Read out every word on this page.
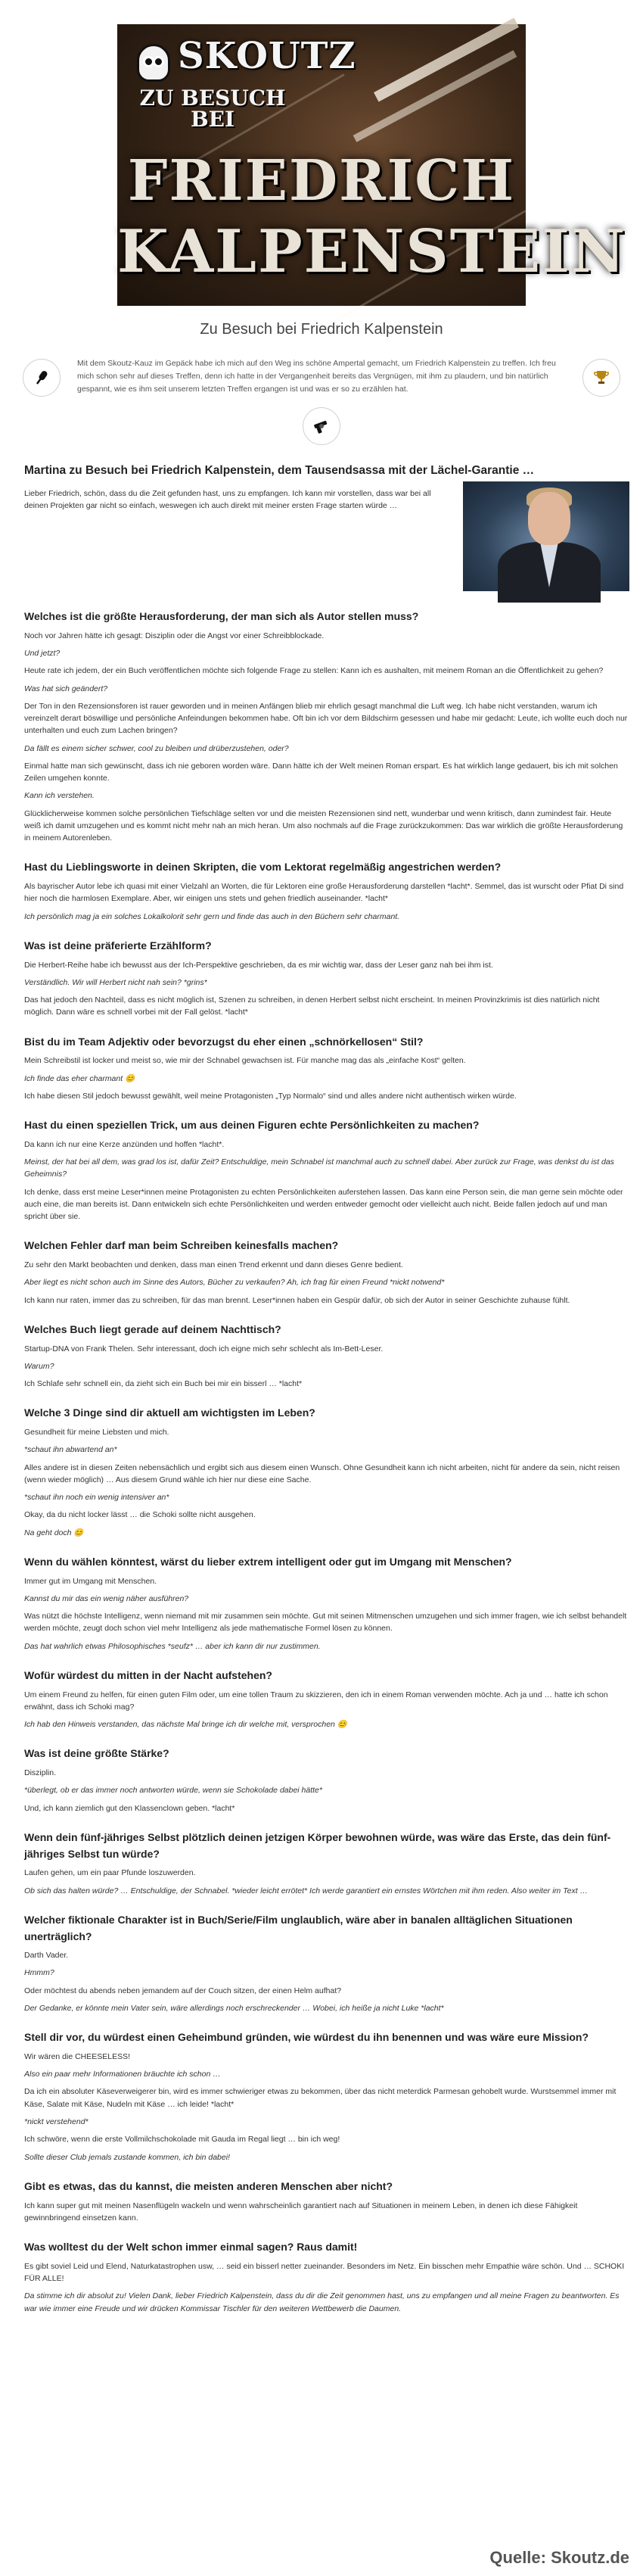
SKOUTZ
ZU BESUCH BEI
FRIEDRICH
KALPENSTEIN
Zu Besuch bei Friedrich Kalpenstein
Mit dem Skoutz-Kauz im Gepäck habe ich mich auf den Weg ins schöne Ampertal gemacht, um Friedrich Kalpenstein zu treffen. Ich freu mich schon sehr auf dieses Treffen, denn ich hatte in der Vergangenheit bereits das Vergnügen, mit ihm zu plaudern, und bin natürlich gespannt, wie es ihm seit unserem letzten Treffen ergangen ist und was er so zu erzählen hat.
Martina zu Besuch bei Friedrich Kalpenstein, dem Tausendsassa mit der Lächel-Garantie …
Lieber Friedrich, schön, dass du die Zeit gefunden hast, uns zu empfangen. Ich kann mir vorstellen, dass war bei all deinen Projekten gar nicht so einfach, weswegen ich auch direkt mit meiner ersten Frage starten würde …
Welches ist die größte Herausforderung, der man sich als Autor stellen muss?
Noch vor Jahren hätte ich gesagt: Disziplin oder die Angst vor einer Schreibblockade.
Und jetzt?
Heute rate ich jedem, der ein Buch veröffentlichen möchte sich folgende Frage zu stellen: Kann ich es aushalten, mit meinem Roman an die Öffentlichkeit zu gehen?
Was hat sich geändert?
Der Ton in den Rezensionsforen ist rauer geworden und in meinen Anfängen blieb mir ehrlich gesagt manchmal die Luft weg. Ich habe nicht verstanden, warum ich vereinzelt derart böswillige und persönliche Anfeindungen bekommen habe. Oft bin ich vor dem Bildschirm gesessen und habe mir gedacht: Leute, ich wollte euch doch nur unterhalten und euch zum Lachen bringen?
Da fällt es einem sicher schwer, cool zu bleiben und drüberzustehen, oder?
Einmal hatte man sich gewünscht, dass ich nie geboren worden wäre. Dann hätte ich der Welt meinen Roman erspart. Es hat wirklich lange gedauert, bis ich mit solchen Zeilen umgehen konnte.
Kann ich verstehen.
Glücklicherweise kommen solche persönlichen Tiefschläge selten vor und die meisten Rezensionen sind nett, wunderbar und wenn kritisch, dann zumindest fair. Heute weiß ich damit umzugehen und es kommt nicht mehr nah an mich heran. Um also nochmals auf die Frage zurückzukommen: Das war wirklich die größte Herausforderung in meinem Autorenleben.
Hast du Lieblingsworte in deinen Skripten, die vom Lektorat regelmäßig angestrichen werden?
Als bayrischer Autor lebe ich quasi mit einer Vielzahl an Worten, die für Lektoren eine große Herausforderung darstellen *lacht*. Semmel, das ist wurscht oder Pfiat Di sind hier noch die harmlosen Exemplare. Aber, wir einigen uns stets und gehen friedlich auseinander. *lacht*
Ich persönlich mag ja ein solches Lokalkolorit sehr gern und finde das auch in den Büchern sehr charmant.
Was ist deine präferierte Erzählform?
Die Herbert-Reihe habe ich bewusst aus der Ich-Perspektive geschrieben, da es mir wichtig war, dass der Leser ganz nah bei ihm ist.
Verständlich. Wir will Herbert nicht nah sein? *grins*
Das hat jedoch den Nachteil, dass es nicht möglich ist, Szenen zu schreiben, in denen Herbert selbst nicht erscheint. In meinen Provinzkrimis ist dies natürlich nicht möglich. Dann wäre es schnell vorbei mit der Fall gelöst. *lacht*
Bist du im Team Adjektiv oder bevorzugst du eher einen „schnörkellosen“ Stil?
Mein Schreibstil ist locker und meist so, wie mir der Schnabel gewachsen ist. Für manche mag das als „einfache Kost“ gelten.
Ich finde das eher charmant 😊
Ich habe diesen Stil jedoch bewusst gewählt, weil meine Protagonisten „Typ Normalo“ sind und alles andere nicht authentisch wirken würde.
Hast du einen speziellen Trick, um aus deinen Figuren echte Persönlichkeiten zu machen?
Da kann ich nur eine Kerze anzünden und hoffen *lacht*.
Meinst, der hat bei all dem, was grad los ist, dafür Zeit? Entschuldige, mein Schnabel ist manchmal auch zu schnell dabei. Aber zurück zur Frage, was denkst du ist das Geheimnis?
Ich denke, dass erst meine Leser*innen meine Protagonisten zu echten Persönlichkeiten auferstehen lassen. Das kann eine Person sein, die man gerne sein möchte oder auch eine, die man bereits ist. Dann entwickeln sich echte Persönlichkeiten und werden entweder gemocht oder vielleicht auch nicht. Beide fallen jedoch auf und man spricht über sie.
Welchen Fehler darf man beim Schreiben keinesfalls machen?
Zu sehr den Markt beobachten und denken, dass man einen Trend erkennt und dann dieses Genre bedient.
Aber liegt es nicht schon auch im Sinne des Autors, Bücher zu verkaufen? Ah, ich frag für einen Freund *nickt notwend*
Ich kann nur raten, immer das zu schreiben, für das man brennt. Leser*innen haben ein Gespür dafür, ob sich der Autor in seiner Geschichte zuhause fühlt.
Welches Buch liegt gerade auf deinem Nachttisch?
Startup-DNA von Frank Thelen. Sehr interessant, doch ich eigne mich sehr schlecht als Im-Bett-Leser.
Warum?
Ich Schlafe sehr schnell ein, da zieht sich ein Buch bei mir ein bisserl … *lacht*
Welche 3 Dinge sind dir aktuell am wichtigsten im Leben?
Gesundheit für meine Liebsten und mich.
*schaut ihn abwartend an*
Alles andere ist in diesen Zeiten nebensächlich und ergibt sich aus diesem einen Wunsch. Ohne Gesundheit kann ich nicht arbeiten, nicht für andere da sein, nicht reisen (wenn wieder möglich) … Aus diesem Grund wähle ich hier nur diese eine Sache.
*schaut ihn noch ein wenig intensiver an*
Okay, da du nicht locker lässt … die Schoki sollte nicht ausgehen.
Na geht doch 😊
Wenn du wählen könntest, wärst du lieber extrem intelligent oder gut im Umgang mit Menschen?
Immer gut im Umgang mit Menschen.
Kannst du mir das ein wenig näher ausführen?
Was nützt die höchste Intelligenz, wenn niemand mit mir zusammen sein möchte. Gut mit seinen Mitmenschen umzugehen und sich immer fragen, wie ich selbst behandelt werden möchte, zeugt doch schon viel mehr Intelligenz als jede mathematische Formel lösen zu können.
Das hat wahrlich etwas Philosophisches *seufz* … aber ich kann dir nur zustimmen.
Wofür würdest du mitten in der Nacht aufstehen?
Um einem Freund zu helfen, für einen guten Film oder, um eine tollen Traum zu skizzieren, den ich in einem Roman verwenden möchte. Ach ja und … hatte ich schon erwähnt, dass ich Schoki mag?
Ich hab den Hinweis verstanden, das nächste Mal bringe ich dir welche mit, versprochen 😊
Was ist deine größte Stärke?
Disziplin.
*überlegt, ob er das immer noch antworten würde, wenn sie Schokolade dabei hätte*
Und, ich kann ziemlich gut den Klassenclown geben. *lacht*
Wenn dein fünf-jähriges Selbst plötzlich deinen jetzigen Körper bewohnen würde, was wäre das Erste, das dein fünf-jähriges Selbst tun würde?
Laufen gehen, um ein paar Pfunde loszuwerden.
Ob sich das halten würde? … Entschuldige, der Schnabel. *wieder leicht errötet* Ich werde garantiert ein ernstes Wörtchen mit ihm reden. Also weiter im Text …
Welcher fiktionale Charakter ist in Buch/Serie/Film unglaublich, wäre aber in banalen alltäglichen Situationen unerträglich?
Darth Vader.
Hmmm?
Oder möchtest du abends neben jemandem auf der Couch sitzen, der einen Helm aufhat?
Der Gedanke, er könnte mein Vater sein, wäre allerdings noch erschreckender … Wobei, ich heiße ja nicht Luke *lacht*
Stell dir vor, du würdest einen Geheimbund gründen, wie würdest du ihn benennen und was wäre eure Mission?
Wir wären die CHEESELESS!
Also ein paar mehr Informationen bräuchte ich schon …
Da ich ein absoluter Käseverweigerer bin, wird es immer schwieriger etwas zu bekommen, über das nicht meterdick Parmesan gehobelt wurde. Wurstsemmel immer mit Käse, Salate mit Käse, Nudeln mit Käse … ich leide! *lacht*
*nickt verstehend*
Ich schwöre, wenn die erste Vollmilchschokolade mit Gauda im Regal liegt … bin ich weg!
Sollte dieser Club jemals zustande kommen, ich bin dabei!
Gibt es etwas, das du kannst, die meisten anderen Menschen aber nicht?
Ich kann super gut mit meinen Nasenflügeln wackeln und wenn wahrscheinlich garantiert nach auf Situationen in meinem Leben, in denen ich diese Fähigkeit gewinnbringend einsetzen kann.
Was wolltest du der Welt schon immer einmal sagen? Raus damit!
Es gibt soviel Leid und Elend, Naturkatastrophen usw, … seid ein bisserl netter zueinander. Besonders im Netz. Ein bisschen mehr Empathie wäre schön. Und … SCHOKI FÜR ALLE!
Da stimme ich dir absolut zu! Vielen Dank, lieber Friedrich Kalpenstein, dass du dir die Zeit genommen hast, uns zu empfangen und all meine Fragen zu beantworten. Es war wie immer eine Freude und wir drücken Kommissar Tischler für den weiteren Wettbewerb die Daumen.
Quelle: Skoutz.de
